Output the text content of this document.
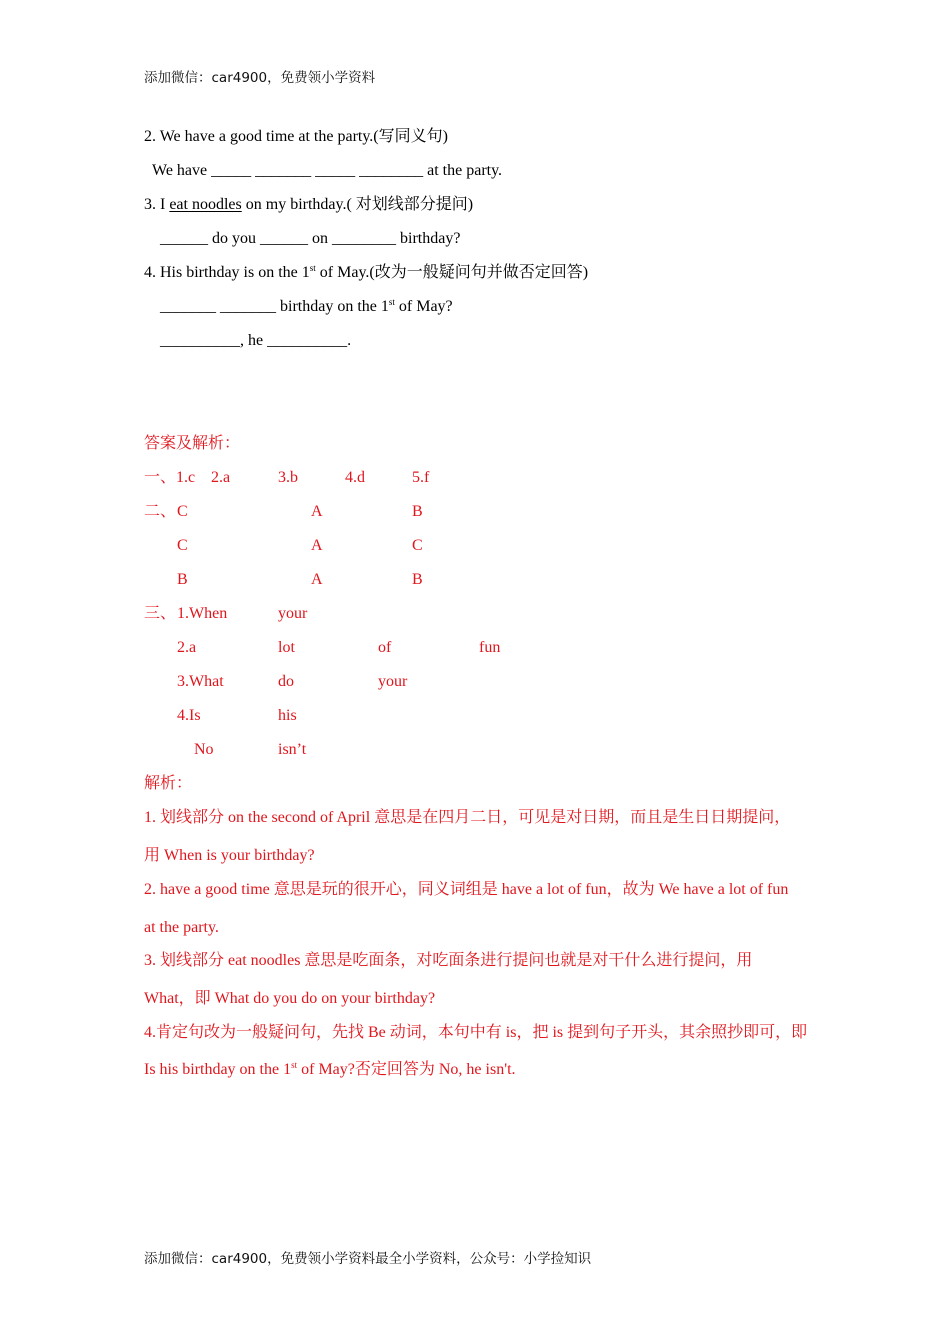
添加微信：car4900，免费领小学资料
2. We have a good time at the party.(写同义句)
We have _____ _______ _____ ________ at the party.
3. I eat noodles on my birthday.( 对划线部分提问)
______ do you ______ on ________ birthday?
4. His birthday is on the 1st of May.(改为一般疑问句并做否定回答)
_______ _______ birthday on the 1st of May?
__________, he __________.
答案及解析：
一、1.c 2.a	3.b	4.d	5.f
二、 C	A	B
C	A	C
B	A	B
三、 1.When	your
2.a	lot	of	fun
3.What	do	your
4.Is	his
No	isn’t
解析：
1. 划线部分 on the second of April 意思是在四月二日，可见是对日期，而且是生日日期提问，
用 When is your birthday?
2. have a good time 意思是玩的很开心，同义词组是 have a lot of fun，故为 We have a lot of fun
at the party.
3. 划线部分 eat noodles 意思是吃面条，对吃面条进行提问也就是对干什么进行提问，用
What，即 What do you do on your birthday?
4.肯定句改为一般疑问句，先找 Be 动词，本句中有 is，把 is 提到句子开头，其余照抄即可，即
Is his birthday on the 1st of May?否定回答为 No, he isn't.
添加微信：car4900，免费领小学资料最全小学资料，公众号：小学捡知识
